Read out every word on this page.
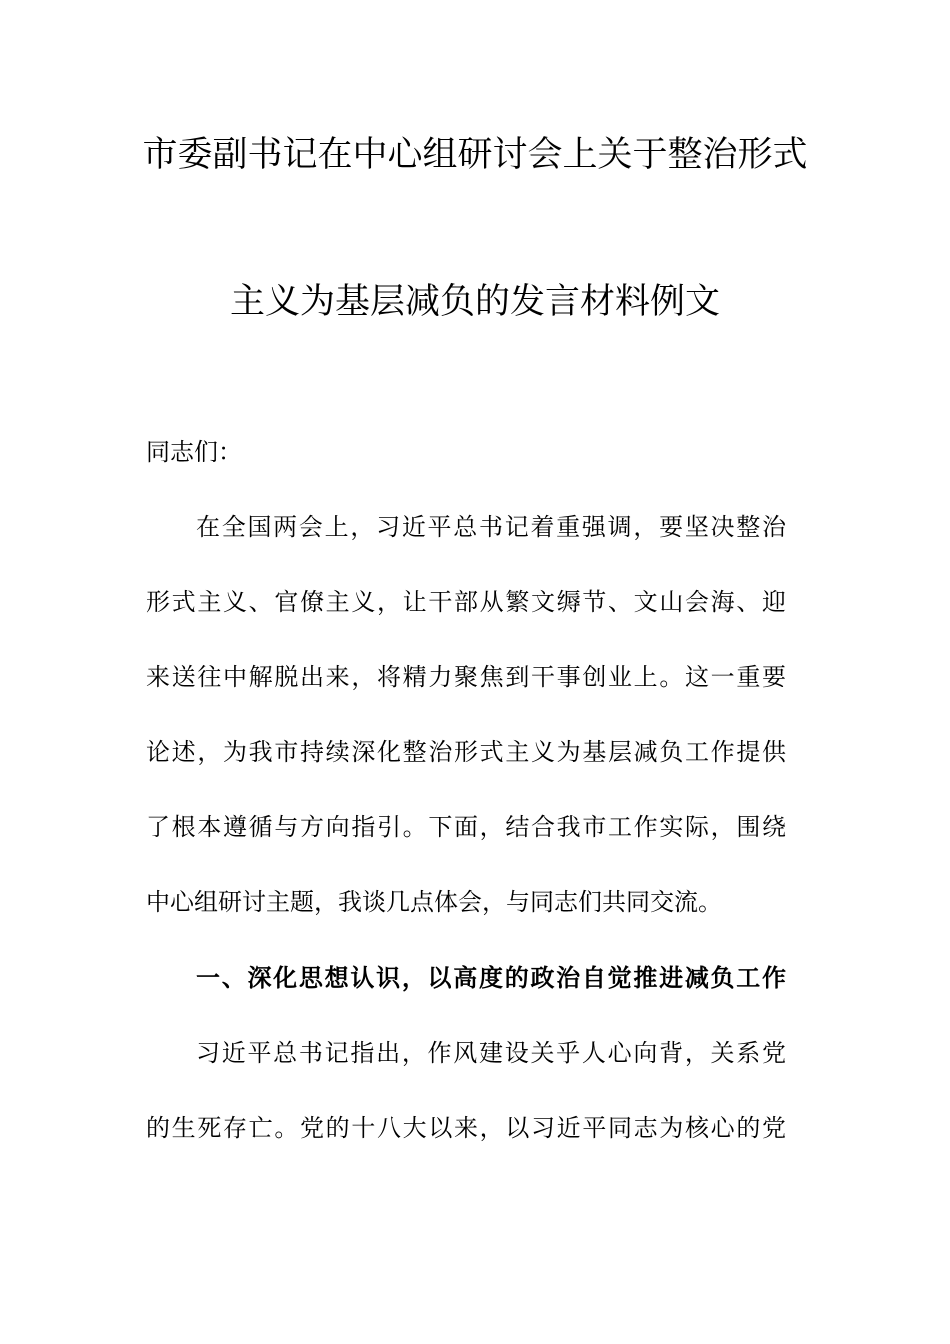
市委副书记在中心组研讨会上关于整治形式
主义为基层减负的发言材料例文
同志们：
在全国两会上，习近平总书记着重强调，要坚决整治
形式主义、官僚主义，让干部从繁文缛节、文山会海、迎
来送往中解脱出来，将精力聚焦到干事创业上。这一重要
论述，为我市持续深化整治形式主义为基层减负工作提供
了根本遵循与方向指引。下面，结合我市工作实际，围绕
中心组研讨主题，我谈几点体会，与同志们共同交流。
一、深化思想认识，以高度的政治自觉推进减负工作
习近平总书记指出，作风建设关乎人心向背，关系党
的生死存亡。党的十八大以来，以习近平同志为核心的党
